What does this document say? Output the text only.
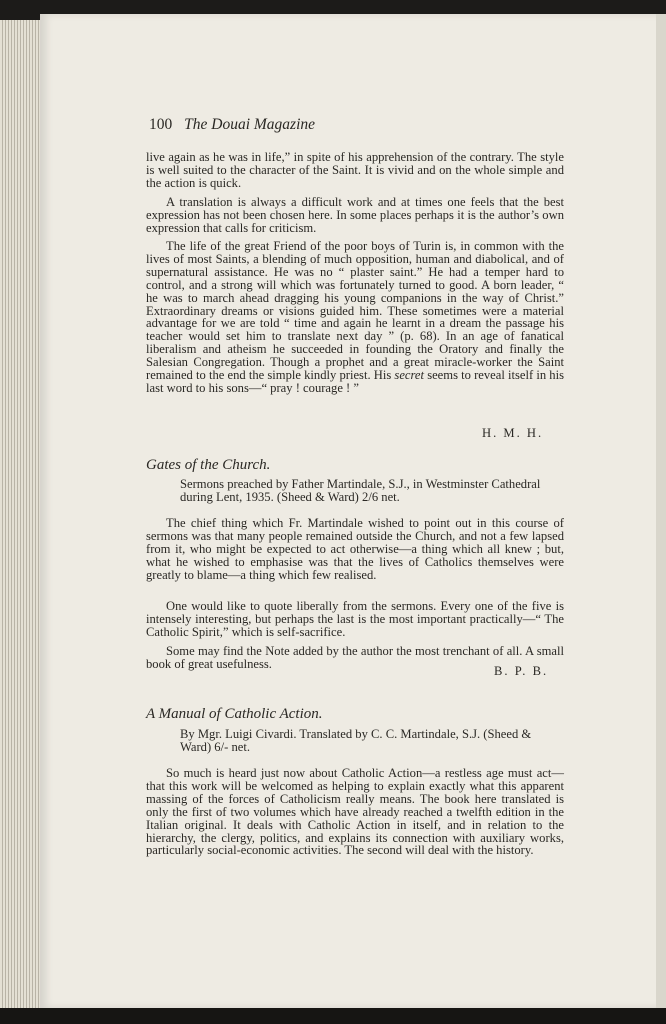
100 The Douai Magazine

live again as he was in life,” in spite of his apprehension of the contrary. The style is well suited to the character of the Saint. It is vivid and on the whole simple and the action is quick.

A translation is always a difficult work and at times one feels that the best expression has not been chosen here. In some places perhaps it is the author’s own expression that calls for criticism.

The life of the great Friend of the poor boys of Turin is, in common with the lives of most Saints, a blending of much opposition, human and diabolical, and of supernatural assistance. He was no “ plaster saint.” He had a temper hard to control, and a strong will which was fortunately turned to good. A born leader, “ he was to march ahead dragging his young companions in the way of Christ.” Extraordinary dreams or visions guided him. These sometimes were a material advantage for we are told “ time and again he learnt in a dream the passage his teacher would set him to translate next day ” (p. 68). In an age of fanatical liberalism and atheism he succeeded in founding the Oratory and finally the Salesian Congregation. Though a prophet and a great miracle-worker the Saint remained to the end the simple kindly priest. His secret seems to reveal itself in his last word to his sons—“ pray ! courage ! ”

H. M. H.
Gates of the Church.

Sermons preached by Father Martindale, S.J., in Westminster Cathedral during Lent, 1935. (Sheed & Ward) 2/6 net.

The chief thing which Fr. Martindale wished to point out in this course of sermons was that many people remained outside the Church, and not a few lapsed from it, who might be expected to act otherwise—a thing which all knew ; but, what he wished to emphasise was that the lives of Catholics themselves were greatly to blame—a thing which few realised.

One would like to quote liberally from the sermons. Every one of the five is intensely interesting, but perhaps the last is the most important practically—“ The Catholic Spirit,” which is self-sacrifice.

Some may find the Note added by the author the most trenchant of all. A small book of great usefulness.

B. P. B.
A Manual of Catholic Action.

By Mgr. Luigi Civardi. Translated by C. C. Martindale, S.J. (Sheed & Ward) 6/- net.

So much is heard just now about Catholic Action—a restless age must act—that this work will be welcomed as helping to explain exactly what this apparent massing of the forces of Catholicism really means. The book here translated is only the first of two volumes which have already reached a twelfth edition in the Italian original. It deals with Catholic Action in itself, and in relation to the hierarchy, the clergy, politics, and explains its connection with auxiliary works, particularly social-economic activities. The second will deal with the history.
